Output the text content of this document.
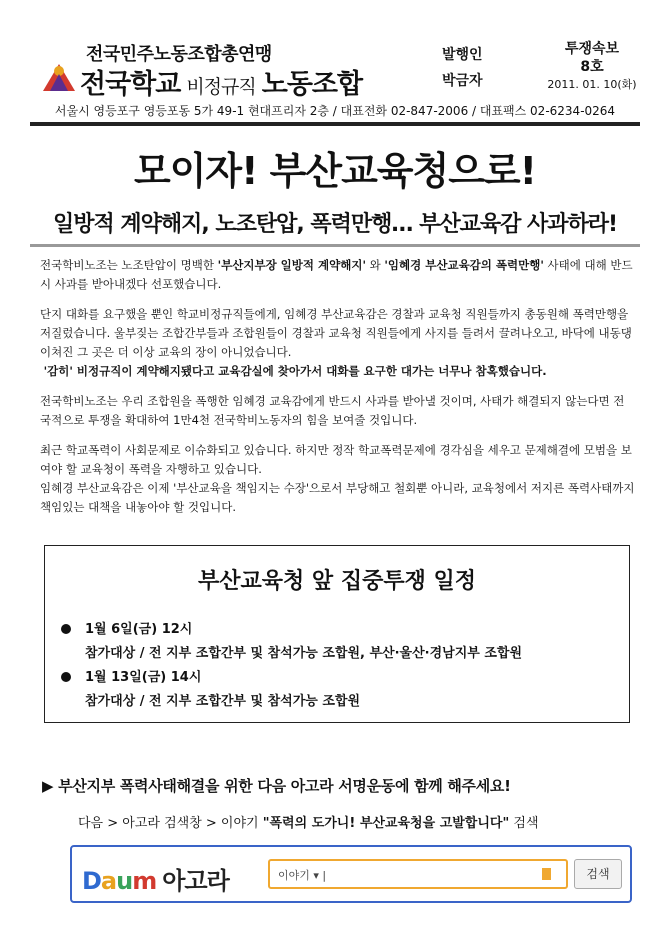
전국민주노동조합총연맹
전국학교 비정규직 노동조합
발행인
박금자
투쟁속보
8호
2011. 01. 10(화)
서울시 영등포구 영등포동 5가 49-1 현대프리자 2층 / 대표전화 02-847-2006 / 대표팩스 02-6234-0264
모이자! 부산교육청으로!
일방적 계약해지, 노조탄압, 폭력만행… 부산교육감 사과하라!

전국학비노조는 노조탄압이 명백한 '부산지부장 일방적 계약해지' 와 '임혜경 부산교육감의 폭력만행' 사태에 대해 반드시 사과를 받아내겠다 선포했습니다.

단지 대화를 요구했을 뿐인 학교비정규직들에게, 임혜경 부산교육감은 경찰과 교육청 직원들까지 총동원해 폭력만행을 저질렀습니다. 울부짖는 조합간부들과 조합원들이 경찰과 교육청 직원들에게 사지를 들려서 끌려나오고, 바닥에 내동댕이쳐진 그 곳은 더 이상 교육의 장이 아니었습니다.

'감히' 비정규직이 계약해지됐다고 교육감실에 찾아가서 대화를 요구한 대가는 너무나 참혹했습니다.

전국학비노조는 우리 조합원을 폭행한 임혜경 교육감에게 반드시 사과를 받아낼 것이며, 사태가 해결되지 않는다면 전국적으로 투쟁을 확대하여 1만4천 전국학비노동자의 힘을 보여줄 것입니다.

최근 학교폭력이 사회문제로 이슈화되고 있습니다. 하지만 정작 학교폭력문제에 경각심을 세우고 문제해결에 모범을 보여야 할 교육청이 폭력을 자행하고 있습니다.

임혜경 부산교육감은 이제 '부산교육을 책임지는 수장'으로서 부당해고 철회뿐 아니라, 교육청에서 저지른 폭력사태까지 책임있는 대책을 내놓아야 할 것입니다.

부산교육청 앞 집중투쟁 일정
1월 6일(금) 12시
참가대상 / 전 지부 조합간부 및 참석가능 조합원, 부산·울산·경남지부 조합원
1월 13일(금) 14시
참가대상 / 전 지부 조합간부 및 참석가능 조합원
▶ 부산지부 폭력사태해결을 위한 다음 아고라 서명운동에 함께 해주세요!
다음 > 아고라 검색창 > 이야기 "폭력의 도가니! 부산교육청을 고발합니다" 검색
Daum 아고라	이야기 ▾ |	검색
